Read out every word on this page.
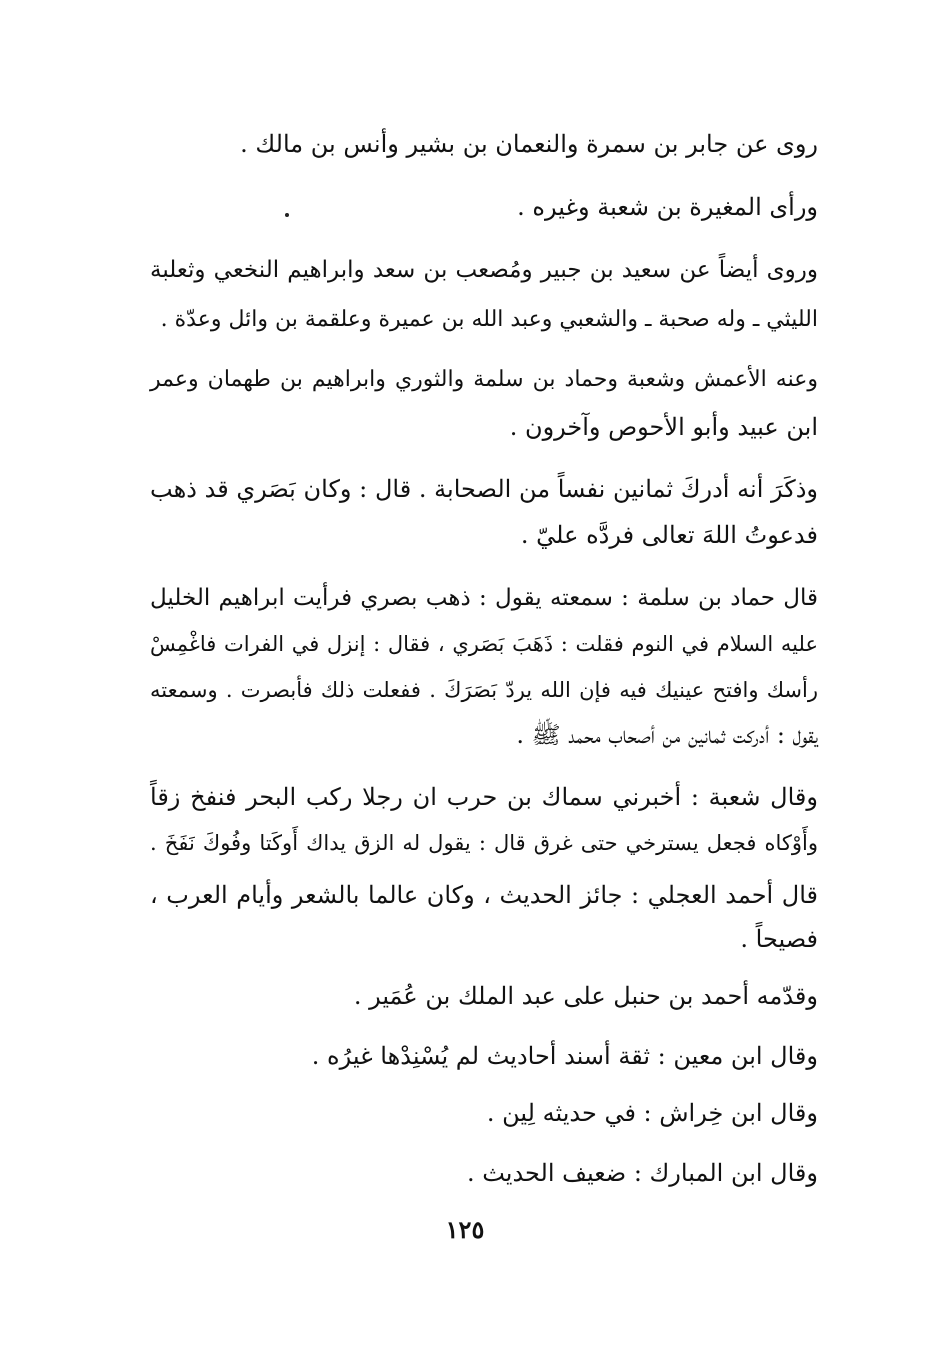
روى عن جابر بن سمرة والنعمان بن بشير وأنس بن مالك .
ورأى المغيرة بن شعبة وغيره .
وروى أيضاً عن سعيد بن جبير ومُصعب بن سعد وابراهيم النخعي وثعلبة
الليثي ـ وله صحبة ـ والشعبي وعبد الله بن عميرة وعلقمة بن وائل وعدّة .
وعنه الأعمش وشعبة وحماد بن سلمة والثوري وابراهيم بن طهمان وعمر
ابن عبيد وأبو الأحوص وآخرون .
وذكَرَ أنه أدركَ ثمانين نفساً من الصحابة . قال : وكان بَصَري قد ذهب
فدعوتُ اللهَ تعالى فردَّه عليّ .
قال حماد بن سلمة : سمعته يقول : ذهب بصري فرأيت ابراهيم الخليل
عليه السلام في النوم فقلت : ذَهَبَ بَصَري ، فقال : إنزل في الفرات فاغْمِسْ
رأسك وافتح عينيك فيه فإن الله يردّ بَصَرَكَ . ففعلت ذلك فأبصرت . وسمعته
يقول : أدركت ثمانين من أصحاب محمد ﷺ .
وقال شعبة : أخبرني سماك بن حرب ان رجلا ركب البحر فنفخ زقاً
وأَوْكاه فجعل يسترخي حتى غرق قال : يقول له الزق يداك أَوكَتا وفُوكَ نَفَخَ .
قال أحمد العجلي : جائز الحديث ، وكان عالما بالشعر وأيام العرب ،
فصيحاً .
وقدّمه أحمد بن حنبل على عبد الملك بن عُمَير .
وقال ابن معين : ثقة أسند أحاديث لم يُسْنِدْها غيرُه .
وقال ابن خِراش : في حديثه لِين .
وقال ابن المبارك : ضعيف الحديث .
١٢٥
